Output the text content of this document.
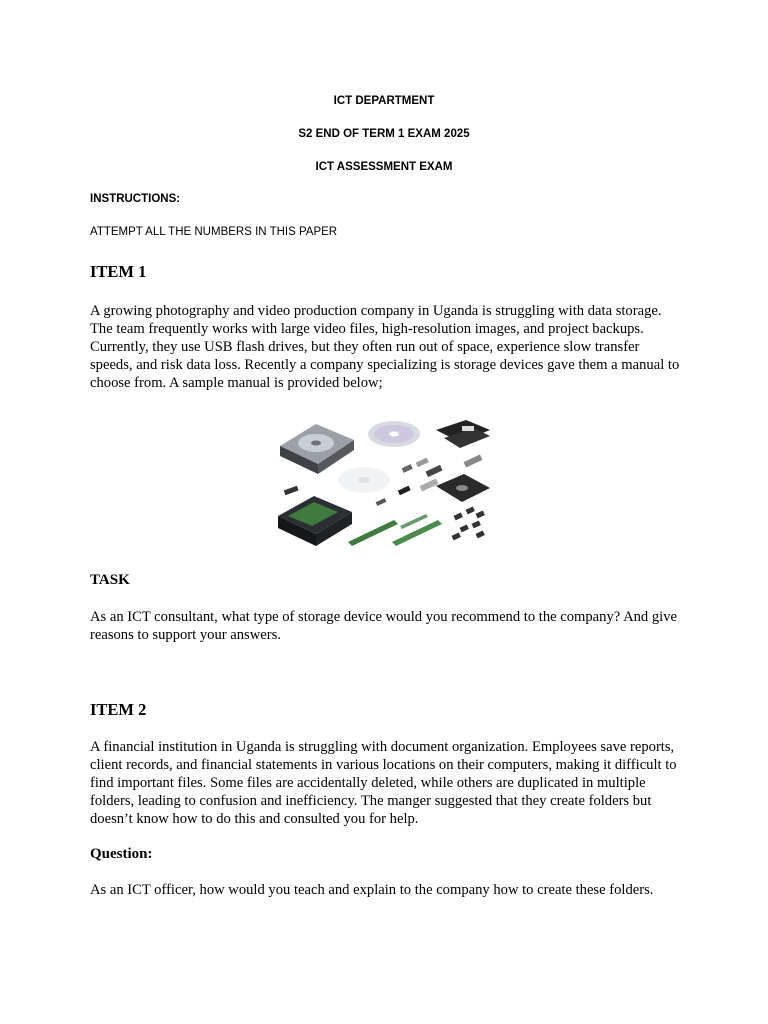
ICT DEPARTMENT
S2 END OF TERM 1 EXAM 2025
ICT ASSESSMENT EXAM
INSTRUCTIONS:
ATTEMPT ALL THE NUMBERS IN THIS PAPER
ITEM 1
A growing photography and video production company in Uganda is struggling with data storage. The team frequently works with large video files, high-resolution images, and project backups. Currently, they use USB flash drives, but they often run out of space, experience slow transfer speeds, and risk data loss. Recently a company specializing is storage devices gave them a manual to choose from. A sample manual is provided below;
TASK
As an ICT consultant, what type of storage device would you recommend to the company? And give reasons to support your answers.
ITEM 2
A financial institution in Uganda is struggling with document organization. Employees save reports, client records, and financial statements in various locations on their computers, making it difficult to find important files. Some files are accidentally deleted, while others are duplicated in multiple folders, leading to confusion and inefficiency. The manger suggested that they create folders but doesn’t know how to do this and consulted you for help.
Question:
As an ICT officer, how would you teach and explain to the company how to create these folders.
